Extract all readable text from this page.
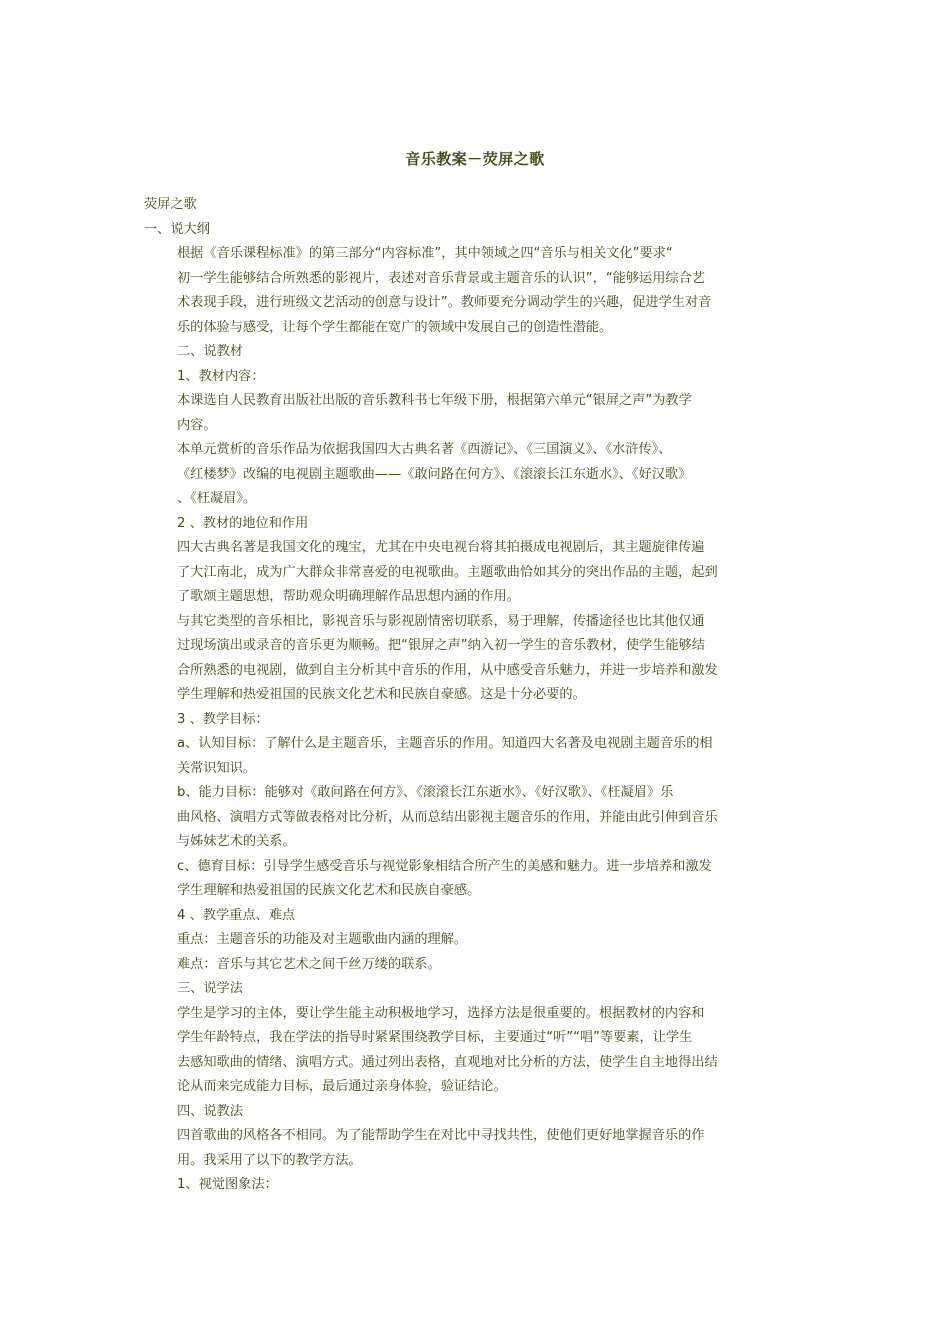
音乐教案－荧屏之歌

荧屏之歌

一、说大纲

根据《音乐课程标准》的第三部分“内容标准”，其中领域之四“音乐与相关文化”要求“

初一学生能够结合所熟悉的影视片，表述对音乐背景或主题音乐的认识”，“能够运用综合艺

术表现手段，进行班级文艺活动的创意与设计”。教师要充分调动学生的兴趣，促进学生对音

乐的体验与感受，让每个学生都能在宽广的领域中发展自己的创造性潜能。

二、说教材

1、教材内容：

本课选自人民教育出版社出版的音乐教科书七年级下册，根据第六单元“银屏之声”为教学

内容。

本单元赏析的音乐作品为依据我国四大古典名著《西游记》、《三国演义》、《水浒传》、

《红楼梦》改编的电视剧主题歌曲——《敢问路在何方》、《滚滚长江东逝水》、《好汉歌》

、《枉凝眉》。

2 、教材的地位和作用

四大古典名著是我国文化的瑰宝，尤其在中央电视台将其拍摄成电视剧后，其主题旋律传遍

了大江南北，成为广大群众非常喜爱的电视歌曲。主题歌曲恰如其分的突出作品的主题，起到

了歌颂主题思想，帮助观众明确理解作品思想内涵的作用。

与其它类型的音乐相比，影视音乐与影视剧情密切联系，易于理解，传播途径也比其他仅通

过现场演出或录音的音乐更为顺畅。把“银屏之声”纳入初一学生的音乐教材，使学生能够结

合所熟悉的电视剧，做到自主分析其中音乐的作用，从中感受音乐魅力，并进一步培养和激发

学生理解和热爱祖国的民族文化艺术和民族自豪感。这是十分必要的。

3 、教学目标：

a、认知目标：了解什么是主题音乐，主题音乐的作用。知道四大名著及电视剧主题音乐的相

关常识知识。

b、能力目标：能够对《敢问路在何方》、《滚滚长江东逝水》、《好汉歌》、《枉凝眉》乐

曲风格、演唱方式等做表格对比分析，从而总结出影视主题音乐的作用，并能由此引伸到音乐

与姊妹艺术的关系。

c、德育目标：引导学生感受音乐与视觉影象相结合所产生的美感和魅力。进一步培养和激发

学生理解和热爱祖国的民族文化艺术和民族自豪感。

4 、教学重点、难点

重点：主题音乐的功能及对主题歌曲内涵的理解。

难点：音乐与其它艺术之间千丝万缕的联系。

三、说学法

学生是学习的主体，要让学生能主动积极地学习，选择方法是很重要的。根据教材的内容和

学生年龄特点，我在学法的指导时紧紧围绕教学目标，主要通过“听”“唱”等要素，让学生

去感知歌曲的情绪、演唱方式。通过列出表格，直观地对比分析的方法，使学生自主地得出结

论从而来完成能力目标，最后通过亲身体验，验证结论。

四、说教法

四首歌曲的风格各不相同。为了能帮助学生在对比中寻找共性，使他们更好地掌握音乐的作

用。我采用了以下的教学方法。

1、视觉图象法：
